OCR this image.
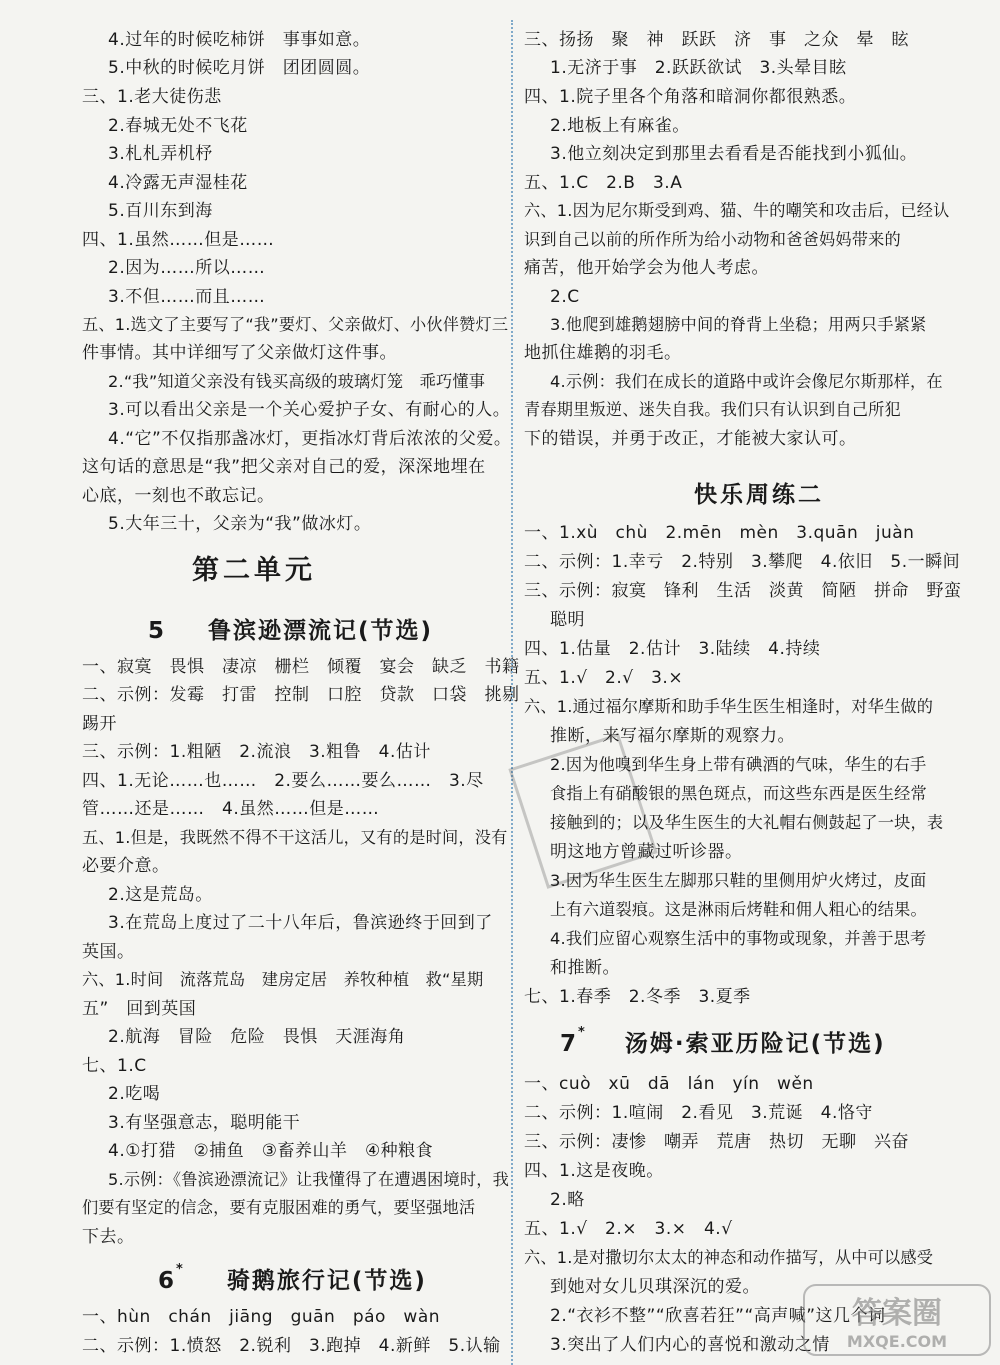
4.过年的时候吃柿饼　事事如意。
5.中秋的时候吃月饼　团团圆圆。
三、1.老大徒伤悲
2.春城无处不飞花
3.札札弄机杼
4.冷露无声湿桂花
5.百川东到海
四、1.虽然……但是……
2.因为……所以……
3.不但……而且……
五、1.选文了主要写了“我”要灯、父亲做灯、小伙伴赞灯三
件事情。其中详细写了父亲做灯这件事。
2.“我”知道父亲没有钱买高级的玻璃灯笼　乖巧懂事
3.可以看出父亲是一个关心爱护子女、有耐心的人。
4.“它”不仅指那盏冰灯，更指冰灯背后浓浓的父爱。
这句话的意思是“我”把父亲对自己的爱，深深地埋在
心底，一刻也不敢忘记。
5.大年三十，父亲为“我”做冰灯。
第二单元
5 鲁滨逊漂流记(节选)
一、寂寞　畏惧　凄凉　栅栏　倾覆　宴会　缺乏　书籍
二、示例：发霉　打雷　控制　口腔　贷款　口袋　挑剔
踢开
三、示例：1.粗陋　2.流浪　3.粗鲁　4.估计
四、1.无论……也……　2.要么……要么……　3.尽
管……还是……　4.虽然……但是……
五、1.但是，我既然不得不干这活儿，又有的是时间，没有
必要介意。
2.这是荒岛。
3.在荒岛上度过了二十八年后，鲁滨逊终于回到了
英国。
六、1.时间　流落荒岛　建房定居　养牧种植　救“星期
五”　回到英国
2.航海　冒险　危险　畏惧　天涯海角
七、1.C
2.吃喝
3.有坚强意志，聪明能干
4.①打猎　②捕鱼　③畜养山羊　④种粮食
5.示例：《鲁滨逊漂流记》让我懂得了在遭遇困境时，我
们要有坚定的信念，要有克服困难的勇气，要坚强地活
下去。
6* 骑鹅旅行记(节选)
一、hùn　chán　jiāng　guān　páo　wàn
二、示例：1.愤怒　2.锐利　3.跑掉　4.新鲜　5.认输
三、扬扬　聚　神　跃跃　济　事　之众　晕　眩
1.无济于事　2.跃跃欲试　3.头晕目眩
四、1.院子里各个角落和暗洞你都很熟悉。
2.地板上有麻雀。
3.他立刻决定到那里去看看是否能找到小狐仙。
五、1.C　2.B　3.A
六、1.因为尼尔斯受到鸡、猫、牛的嘲笑和攻击后，已经认
识到自己以前的所作所为给小动物和爸爸妈妈带来的
痛苦，他开始学会为他人考虑。
2.C
3.他爬到雄鹅翅膀中间的脊背上坐稳；用两只手紧紧
地抓住雄鹅的羽毛。
4.示例：我们在成长的道路中或许会像尼尔斯那样，在
青春期里叛逆、迷失自我。我们只有认识到自己所犯
下的错误，并勇于改正，才能被大家认可。
快乐周练二
一、1.xù　chù　2.mēn　mèn　3.quān　juàn
二、示例：1.幸亏　2.特别　3.攀爬　4.依旧　5.一瞬间
三、示例：寂寞　锋利　生活　淡黄　简陋　拼命　野蛮
聪明
四、1.估量　2.估计　3.陆续　4.持续
五、1.√　2.√　3.×
六、1.通过福尔摩斯和助手华生医生相逢时，对华生做的
推断，来写福尔摩斯的观察力。
2.因为他嗅到华生身上带有碘酒的气味，华生的右手
食指上有硝酸银的黑色斑点，而这些东西是医生经常
接触到的；以及华生医生的大礼帽右侧鼓起了一块，表
明这地方曾藏过听诊器。
3.因为华生医生左脚那只鞋的里侧用炉火烤过，皮面
上有六道裂痕。这是淋雨后烤鞋和佣人粗心的结果。
4.我们应留心观察生活中的事物或现象，并善于思考
和推断。
七、1.春季　2.冬季　3.夏季
7* 汤姆·索亚历险记(节选)
一、cuò　xū　dā　lán　yín　wěn
二、示例：1.喧闹　2.看见　3.荒诞　4.恪守
三、示例：凄惨　嘲弄　荒唐　热切　无聊　兴奋
四、1.这是夜晚。
2.略
五、1.√　2.×　3.×　4.√
六、1.是对撒切尔太太的神态和动作描写，从中可以感受
到她对女儿贝琪深沉的爱。
2.“衣衫不整”“欣喜若狂”“高声喊”这几个词
3.突出了人们内心的喜悦和激动之情
答案圈
MXQE.COM
